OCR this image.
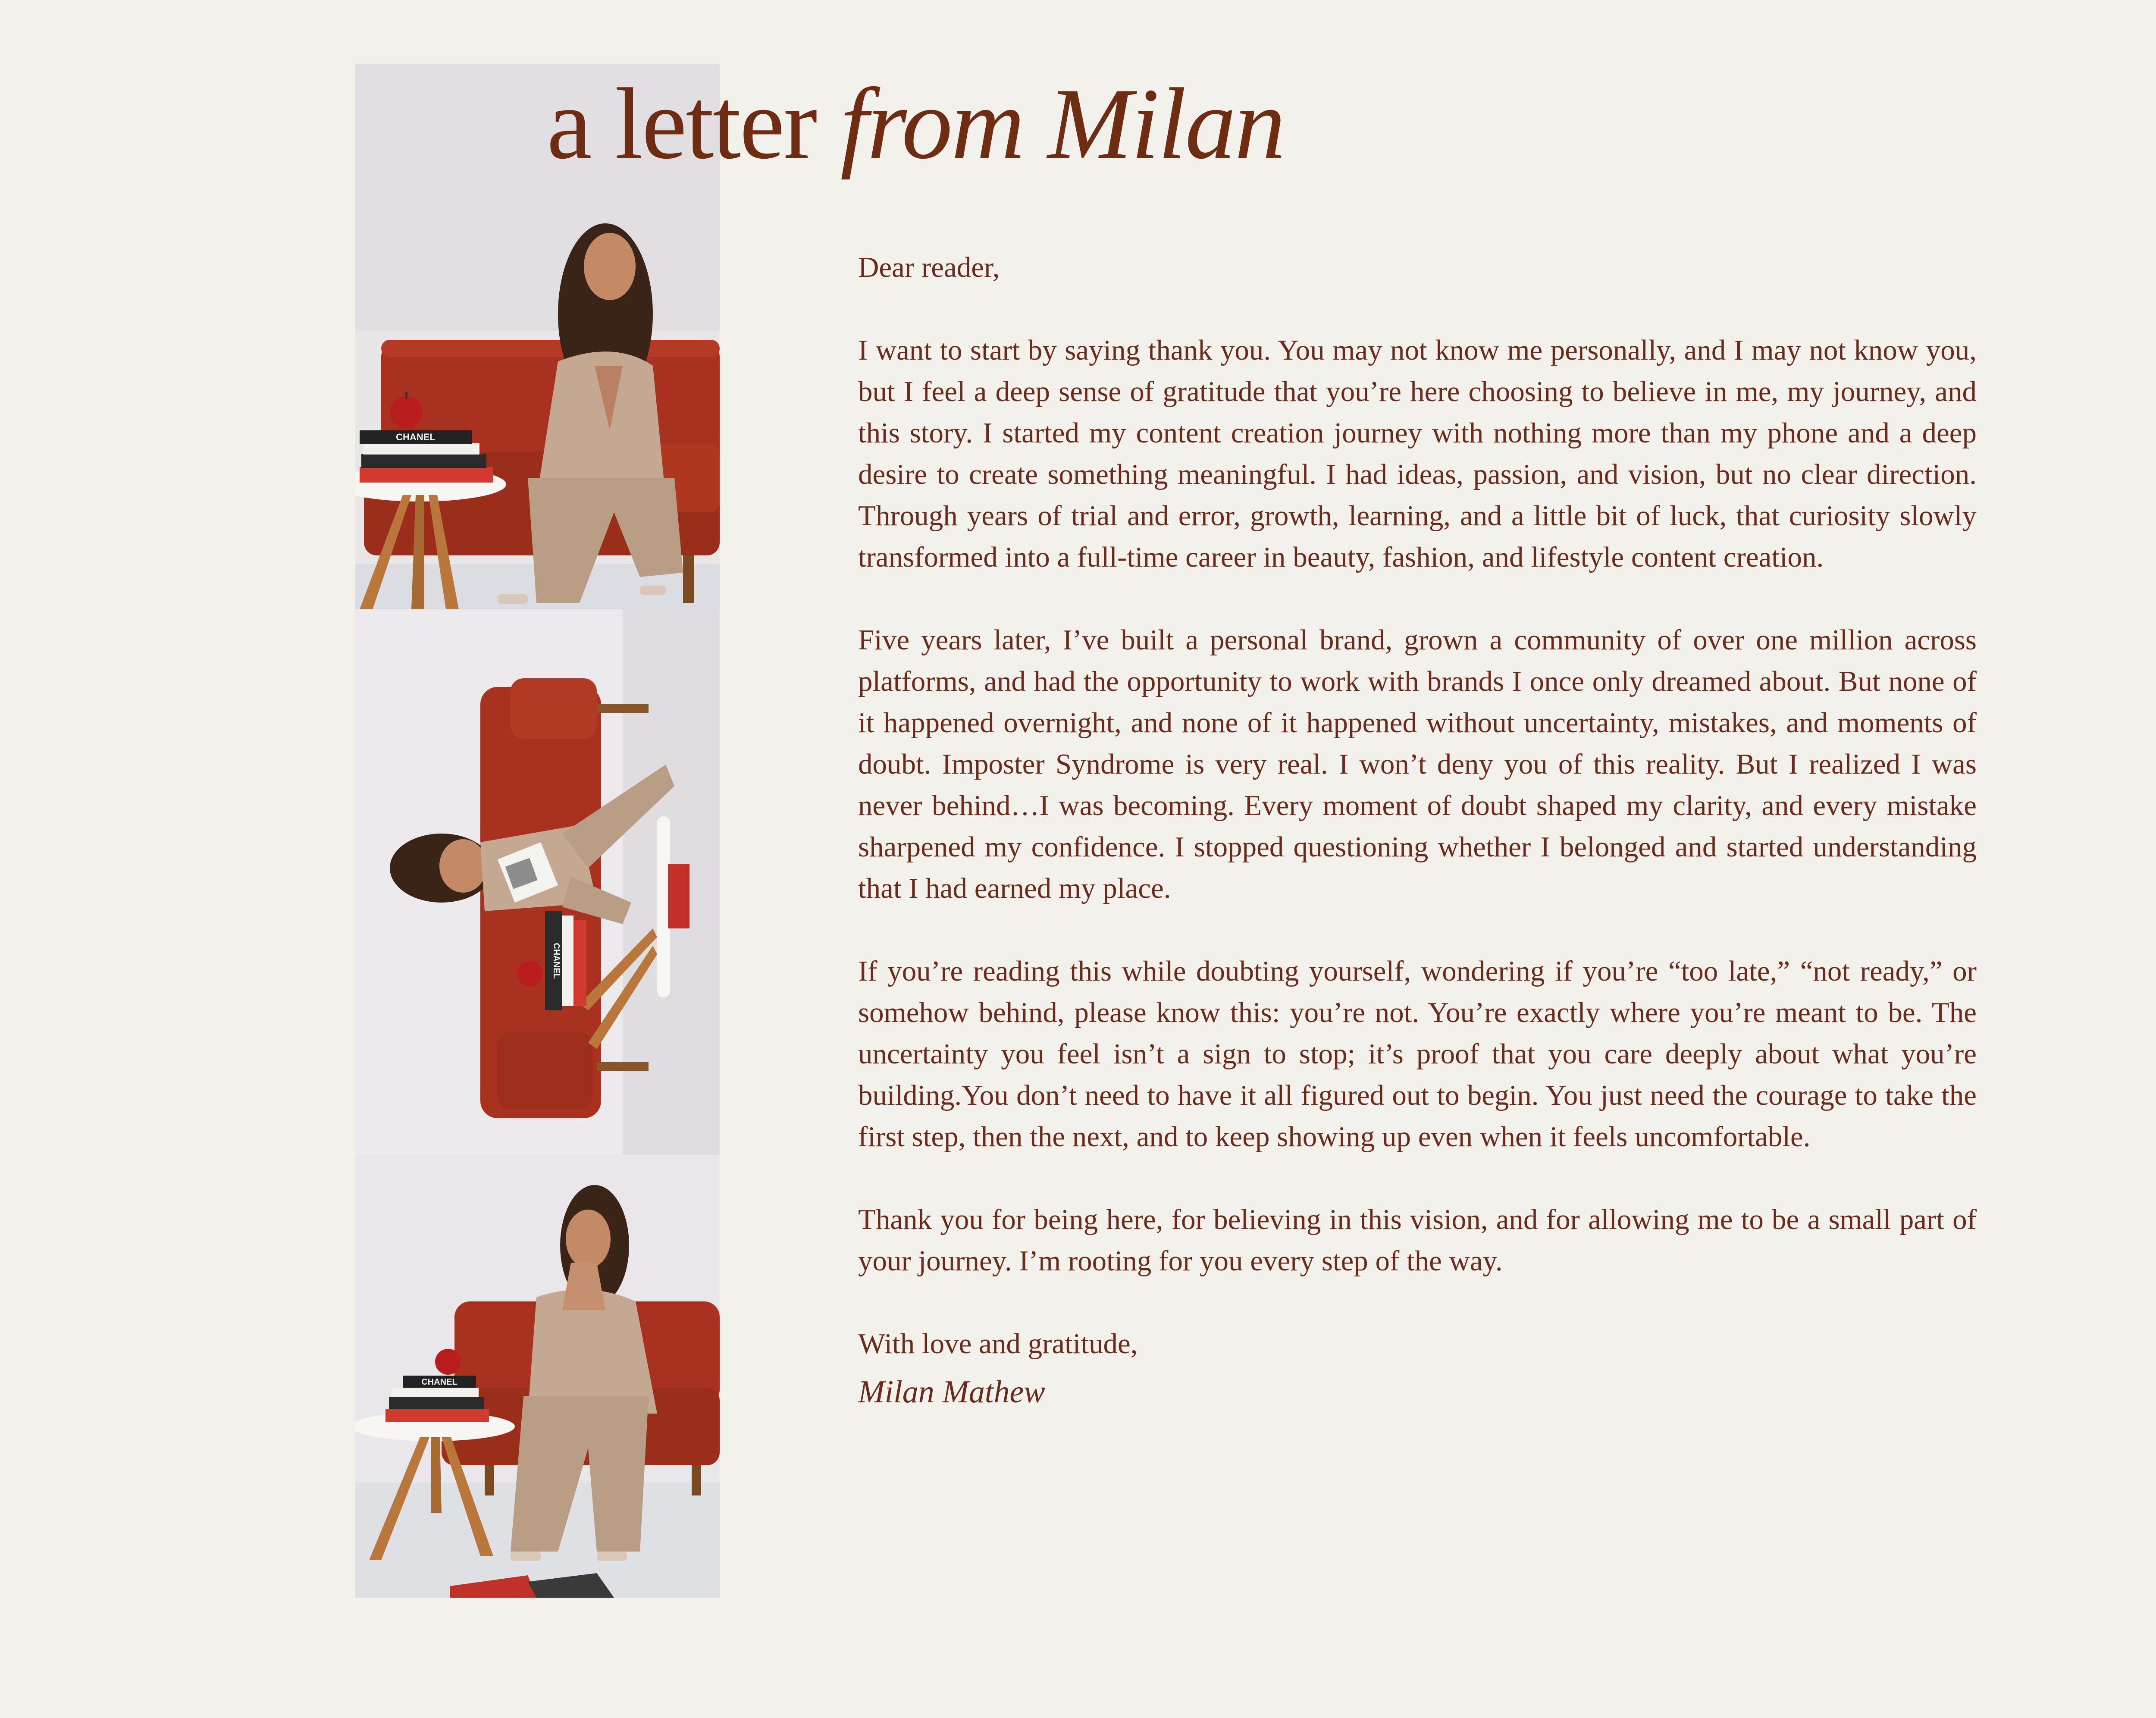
CHANEL
CHANEL
CHANEL
a letter from Milan

Dear reader,

I want to start by saying thank you. You may not know me personally, and I may not know you, but I feel a deep sense of gratitude that you’re here choosing to believe in me, my journey, and this story. I started my content creation journey with nothing more than my phone and a deep desire to create something meaningful. I had ideas, passion, and vision, but no clear direction. Through years of trial and error, growth, learning, and a little bit of luck, that curiosity slowly transformed into a full-time career in beauty, fashion, and lifestyle content creation.

Five years later, I’ve built a personal brand, grown a community of over one million across platforms, and had the opportunity to work with brands I once only dreamed about. But none of it happened overnight, and none of it happened without uncertainty, mistakes, and moments of doubt. Imposter Syndrome is very real. I won’t deny you of this reality. But I realized I was never behind…I was becoming. Every moment of doubt shaped my clarity, and every mistake sharpened my confidence. I stopped questioning whether I belonged and started understanding that I had earned my place.

If you’re reading this while doubting yourself, wondering if you’re “too late,” “not ready,” or somehow behind, please know this: you’re not. You’re exactly where you’re meant to be. The uncertainty you feel isn’t a sign to stop; it’s proof that you care deeply about what you’re building.You don’t need to have it all figured out to begin. You just need the courage to take the first step, then the next, and to keep showing up even when it feels uncomfortable.

Thank you for being here, for believing in this vision, and for allowing me to be a small part of your journey. I’m rooting for you every step of the way.

With love and gratitude,

Milan Mathew
